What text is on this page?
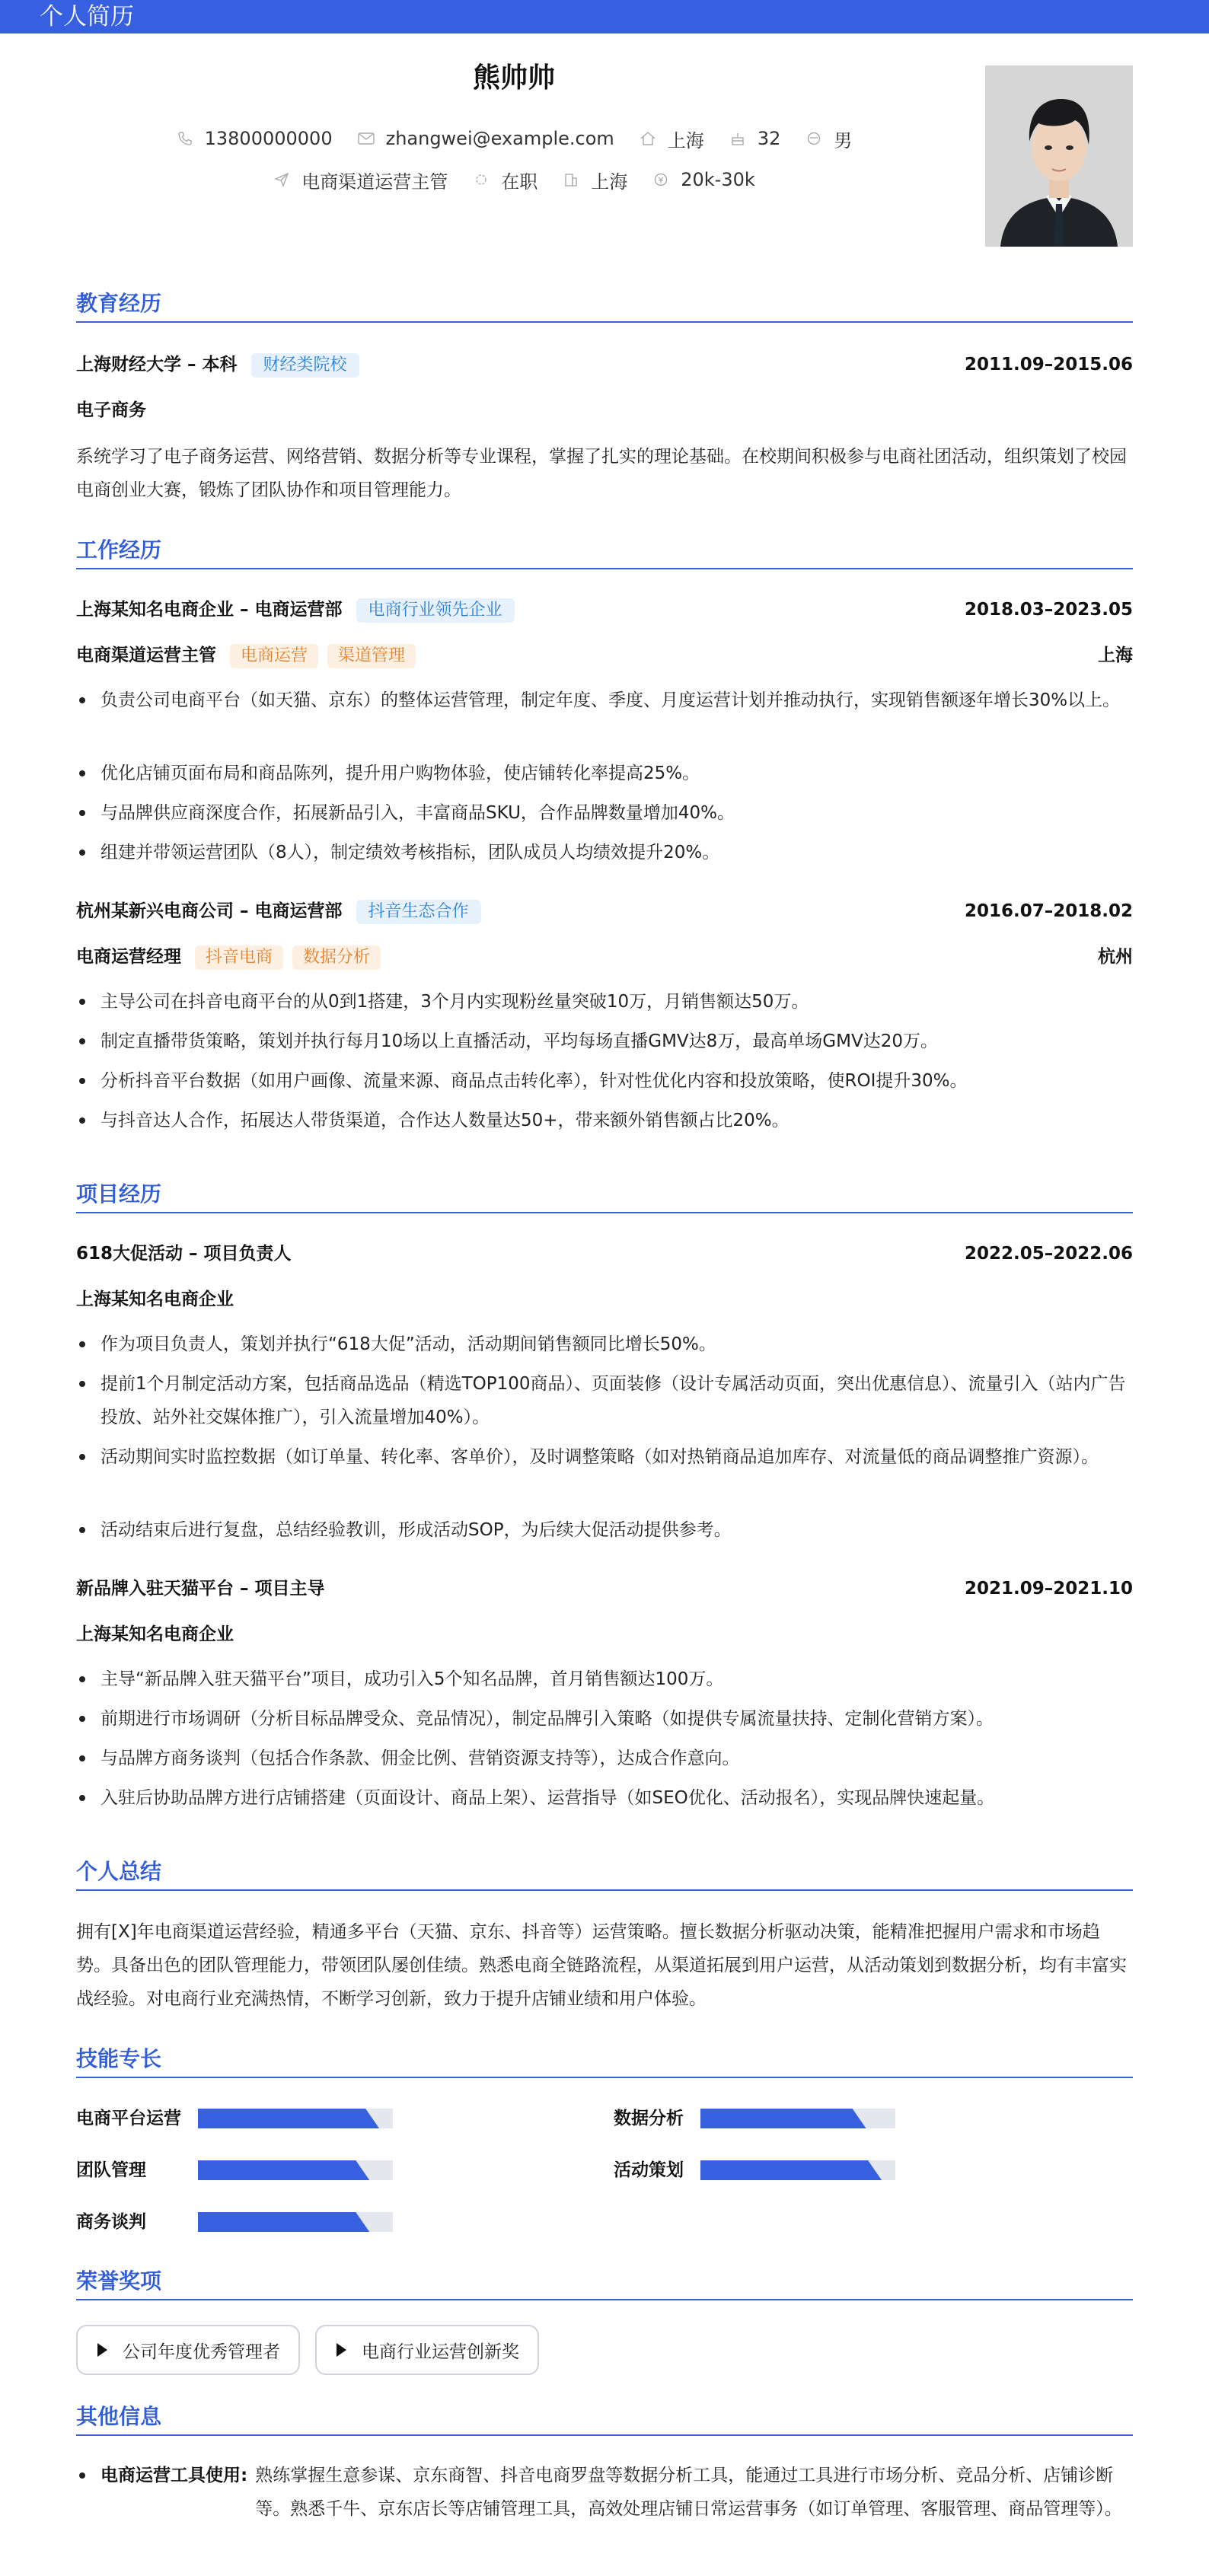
个人简历
熊帅帅
13800000000	zhangwei@example.com	上海	32	男
电商渠道运营主管	在职	上海	20k-30k
教育经历
上海财经大学 – 本科 财经类院校	2011.09–2015.06
电子商务
系统学习了电子商务运营、网络营销、数据分析等专业课程，掌握了扎实的理论基础。在校期间积极参与电商社团活动，组织策划了校园电商创业大赛，锻炼了团队协作和项目管理能力。
工作经历
上海某知名电商企业 – 电商运营部 电商行业领先企业	2018.03–2023.05
电商渠道运营主管 电商运营 渠道管理	上海
负责公司电商平台（如天猫、京东）的整体运营管理，制定年度、季度、月度运营计划并推动执行，实现销售额逐年增长30%以上。
优化店铺页面布局和商品陈列，提升用户购物体验，使店铺转化率提高25%。
与品牌供应商深度合作，拓展新品引入，丰富商品SKU，合作品牌数量增加40%。
组建并带领运营团队（8人），制定绩效考核指标，团队成员人均绩效提升20%。
杭州某新兴电商公司 – 电商运营部 抖音生态合作	2016.07–2018.02
电商运营经理 抖音电商 数据分析	杭州
主导公司在抖音电商平台的从0到1搭建，3个月内实现粉丝量突破10万，月销售额达50万。
制定直播带货策略，策划并执行每月10场以上直播活动，平均每场直播GMV达8万，最高单场GMV达20万。
分析抖音平台数据（如用户画像、流量来源、商品点击转化率），针对性优化内容和投放策略，使ROI提升30%。
与抖音达人合作，拓展达人带货渠道，合作达人数量达50+，带来额外销售额占比20%。
项目经历
618大促活动 – 项目负责人	2022.05–2022.06
上海某知名电商企业
作为项目负责人，策划并执行“618大促”活动，活动期间销售额同比增长50%。
提前1个月制定活动方案，包括商品选品（精选TOP100商品）、页面装修（设计专属活动页面，突出优惠信息）、流量引入（站内广告投放、站外社交媒体推广），引入流量增加40%）。
活动期间实时监控数据（如订单量、转化率、客单价），及时调整策略（如对热销商品追加库存、对流量低的商品调整推广资源）。
活动结束后进行复盘，总结经验教训，形成活动SOP，为后续大促活动提供参考。
新品牌入驻天猫平台 – 项目主导	2021.09–2021.10
上海某知名电商企业
主导“新品牌入驻天猫平台”项目，成功引入5个知名品牌，首月销售额达100万。
前期进行市场调研（分析目标品牌受众、竞品情况），制定品牌引入策略（如提供专属流量扶持、定制化营销方案）。
与品牌方商务谈判（包括合作条款、佣金比例、营销资源支持等），达成合作意向。
入驻后协助品牌方进行店铺搭建（页面设计、商品上架）、运营指导（如SEO优化、活动报名），实现品牌快速起量。
个人总结
拥有[X]年电商渠道运营经验，精通多平台（天猫、京东、抖音等）运营策略。擅长数据分析驱动决策，能精准把握用户需求和市场趋势。具备出色的团队管理能力，带领团队屡创佳绩。熟悉电商全链路流程，从渠道拓展到用户运营，从活动策划到数据分析，均有丰富实战经验。对电商行业充满热情，不断学习创新，致力于提升店铺业绩和用户体验。
技能专长
电商平台运营	数据分析
团队管理	活动策划
商务谈判
荣誉奖项
公司年度优秀管理者	电商行业运营创新奖
其他信息
电商运营工具使用: 熟练掌握生意参谋、京东商智、抖音电商罗盘等数据分析工具，能通过工具进行市场分析、竞品分析、店铺诊断等。熟悉千牛、京东店长等店铺管理工具，高效处理店铺日常运营事务（如订单管理、客服管理、商品管理等）。
